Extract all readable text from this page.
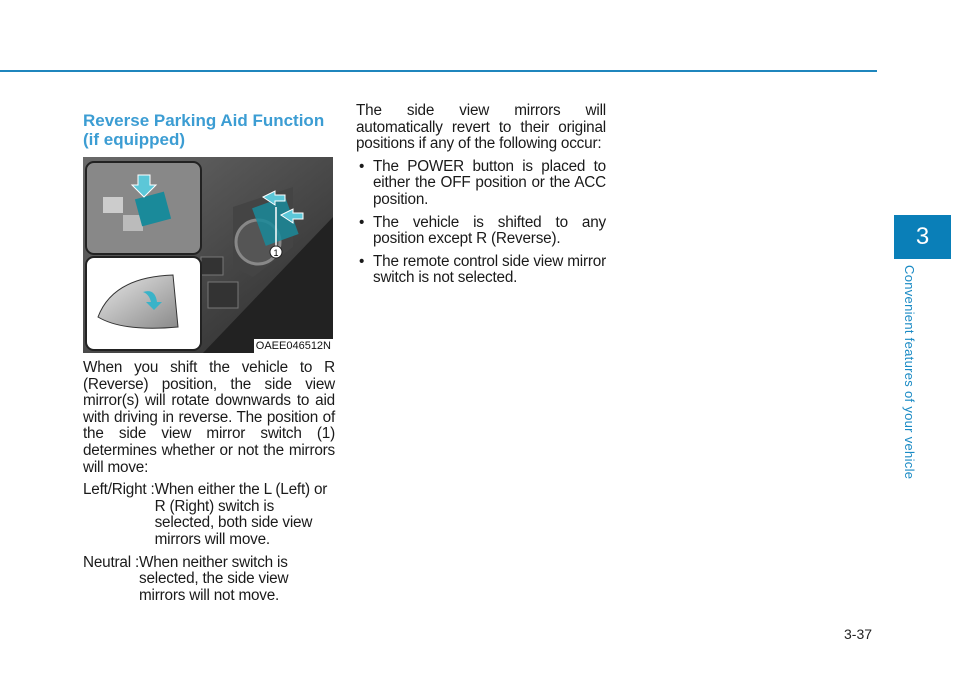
Reverse Parking Aid Function (if equipped)
1
OAEE046512N

When you shift the vehicle to R (Reverse) position, the side view mirror(s) will rotate downwards to aid with driving in reverse. The position of the side view mirror switch (1) determines whether or not the mirrors will move:

Left/Right : When either the L (Left) or R (Right) switch is selected, both side view mirrors will move.
Neutral : When neither switch is selected, the side view mirrors will not move.

The side view mirrors will automatically revert to their original positions if any of the following occur:

• The POWER button is placed to either the OFF position or the ACC position.
• The vehicle is shifted to any position except R (Reverse).
• The remote control side view mirror switch is not selected.
3
Convenient features of your vehicle
3-37
